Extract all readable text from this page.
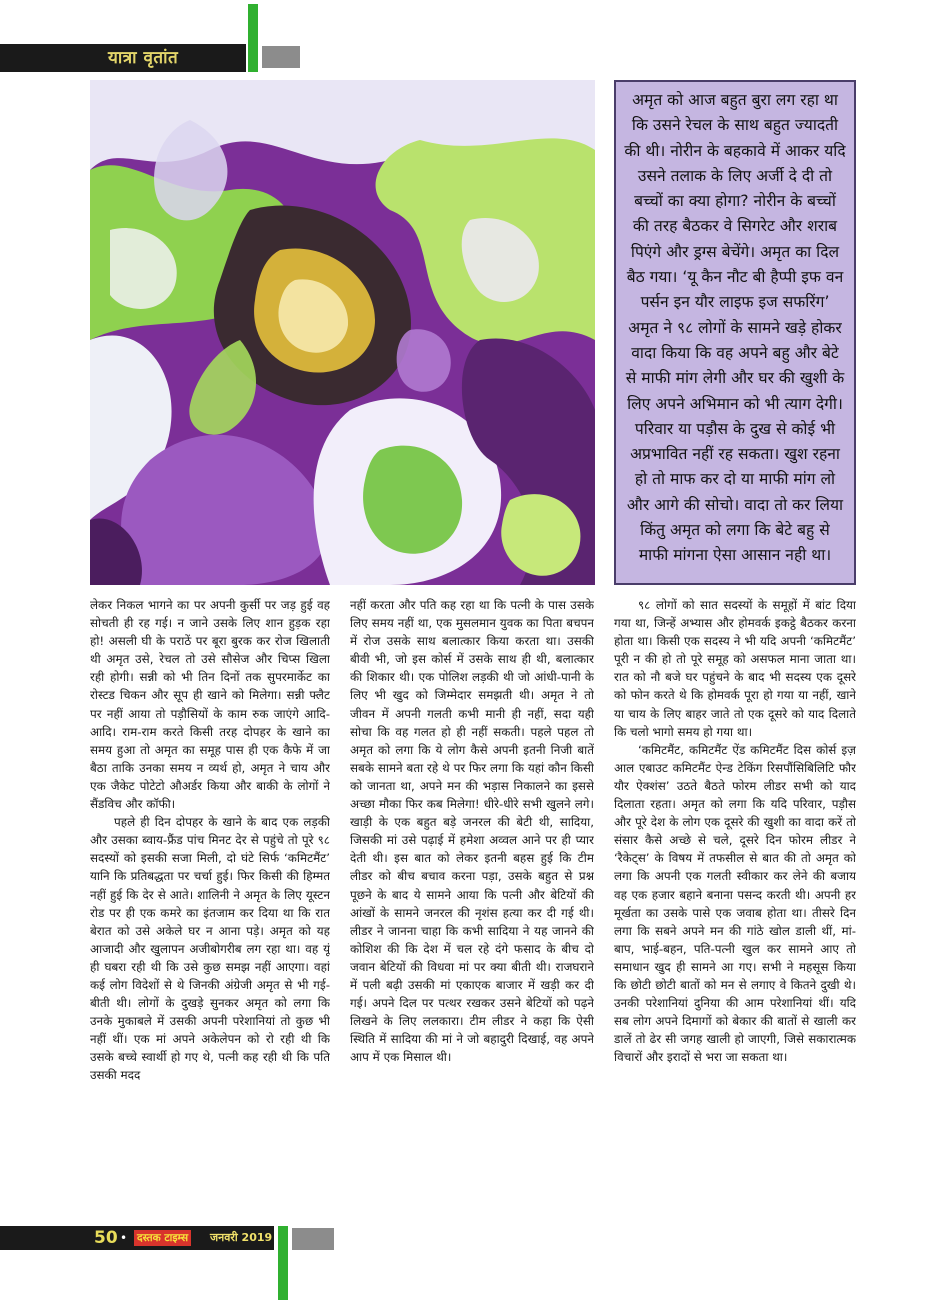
यात्रा वृतांत
अमृत को आज बहुत बुरा लग रहा था कि उसने रेचल के साथ बहुत ज्यादती की थी। नोरीन के बहकावे में आकर यदि उसने तलाक के लिए अर्जी दे दी तो बच्चों का क्या होगा? नोरीन के बच्चों की तरह बैठकर वे सिगरेट और शराब पिएंगे और ड्रग्स बेचेंगे। अमृत का दिल बैठ गया। ‘यू कैन नौट बी हैप्पी इफ वन पर्सन इन यौर लाइफ इज सफरिंग’ अमृत ने ९८ लोगों के सामने खड़े होकर वादा किया कि वह अपने बहु और बेटे से माफी मांग लेगी और घर की खुशी के लिए अपने अभिमान को भी त्याग देगी। परिवार या पड़ौस के दुख से कोई भी अप्रभावित नहीं रह सकता। खुश रहना हो तो माफ कर दो या माफी मांग लो और आगे की सोचो। वादा तो कर लिया किंतु अमृत को लगा कि बेटे बहु से माफी मांगना ऐसा आसान नही था।

लेकर निकल भागने का पर अपनी कुर्सी पर जड़ हुई वह सोचती ही रह गई। न जाने उसके लिए शान हुड़क रहा हो! असली घी के पराठें पर बूरा बुरक कर रोज खिलाती थी अमृत उसे, रेचल तो उसे सौसेज और चिप्स खिला रही होगी। सन्नी को भी तिन दिनों तक सुपरमार्केट का रोस्टड चिकन और सूप ही खाने को मिलेगा। सन्नी फ्लैट पर नहीं आया तो पड़ौसियों के काम रुक जाएंगे आदि-आदि। राम-राम करते किसी तरह दोपहर के खाने का समय हुआ तो अमृत का समूह पास ही एक कैफे में जा बैठा ताकि उनका समय न व्यर्थ हो, अमृत ने चाय और एक जैकेट पोटेटो औअर्डर किया और बाकी के लोगों ने सैंडविच और कॉफी।

पहले ही दिन दोपहर के खाने के बाद एक लड़की और उसका ब्वाय-फ्रैंड पांच मिनट देर से पहुंचे तो पूरे ९८ सदस्यों को इसकी सजा मिली, दो घंटे सिर्फ ‘कमिटमैंट’ यानि कि प्रतिबद्धता पर चर्चा हुई। फिर किसी की हिम्मत नहीं हुई कि देर से आते। शालिनी ने अमृत के लिए यूस्टन रोड पर ही एक कमरे का इंतजाम कर दिया था कि रात बेरात को उसे अकेले घर न आना पड़े। अमृत को यह आजादी और खुलापन अजीबोगरीब लग रहा था। वह यूं ही घबरा रही थी कि उसे कुछ समझ नहीं आएगा। वहां कई लोग विदेशों से थे जिनकी अंग्रेजी अमृत से भी गई-बीती थी। लोगों के दुखड़े सुनकर अमृत को लगा कि उनके मुकाबले में उसकी अपनी परेशानियां तो कुछ भी नहीं थीं। एक मां अपने अकेलेपन को रो रही थी कि उसके बच्चे स्वार्थी हो गए थे, पत्नी कह रही थी कि पति उसकी मदद

नहीं करता और पति कह रहा था कि पत्नी के पास उसके लिए समय नहीं था, एक मुसलमान युवक का पिता बचपन में रोज उसके साथ बलात्कार किया करता था। उसकी बीवी भी, जो इस कोर्स में उसके साथ ही थी, बलात्कार की शिकार थी। एक पोलिश लड़की थी जो आंधी-पानी के लिए भी खुद को जिम्मेदार समझती थी। अमृत ने तो जीवन में अपनी गलती कभी मानी ही नहीं, सदा यही सोचा कि वह गलत हो ही नहीं सकती। पहले पहल तो अमृत को लगा कि ये लोग कैसे अपनी इतनी निजी बातें सबके सामने बता रहे थे पर फिर लगा कि यहां कौन किसी को जानता था, अपने मन की भड़ास निकालने का इससे अच्छा मौका फिर कब मिलेगा! धीरे-धीरे सभी खुलने लगे। खाड़ी के एक बहुत बड़े जनरल की बेटी थी, सादिया, जिसकी मां उसे पढ़ाई में हमेशा अव्वल आने पर ही प्यार देती थी। इस बात को लेकर इतनी बहस हुई कि टीम लीडर को बीच बचाव करना पड़ा, उसके बहुत से प्रश्न पूछने के बाद ये सामने आया कि पत्नी और बेटियों की आंखों के सामने जनरल की नृशंस हत्या कर दी गई थी। लीडर ने जानना चाहा कि कभी सादिया ने यह जानने की कोशिश की कि देश में चल रहे दंगे फसाद के बीच दो जवान बेटियों की विधवा मां पर क्या बीती थी। राजघराने में पली बढ़ी उसकी मां एकाएक बाजार में खड़ी कर दी गई। अपने दिल पर पत्थर रखकर उसने बेटियों को पढ़ने लिखने के लिए ललकारा। टीम लीडर ने कहा कि ऐसी स्थिति में सादिया की मां ने जो बहादुरी दिखाई, वह अपने आप में एक मिसाल थी।

९८ लोगों को सात सदस्यों के समूहों में बांट दिया गया था, जिन्हें अभ्यास और होमवर्क इकट्ठे बैठकर करना होता था। किसी एक सदस्य ने भी यदि अपनी ‘कमिटमैंट’ पूरी न की हो तो पूरे समूह को असफल माना जाता था। रात को नौ बजे घर पहुंचने के बाद भी सदस्य एक दूसरे को फोन करते थे कि होमवर्क पूरा हो गया या नहीं, खाने या चाय के लिए बाहर जाते तो एक दूसरे को याद दिलाते कि चलो भागो समय हो गया था।

‘कमिटमैंट, कमिटमैंट ऐंड कमिटमैंट दिस कोर्स इज़ आल एबाउट कमिटमैंट ऐन्ड टेकिंग रिसपौंसिबिलिटि फौर यौर ऐक्शंस’ उठते बैठते फोरम लीडर सभी को याद दिलाता रहता। अमृत को लगा कि यदि परिवार, पड़ौस और पूरे देश के लोग एक दूसरे की खुशी का वादा करें तो संसार कैसे अच्छे से चले, दूसरे दिन फोरम लीडर ने ‘रैकेट्स’ के विषय में तफसील से बात की तो अमृत को लगा कि अपनी एक गलती स्वीकार कर लेने की बजाय वह एक हजार बहाने बनाना पसन्द करती थी। अपनी हर मूर्खता का उसके पासे एक जवाब होता था। तीसरे दिन लगा कि सबने अपने मन की गांठे खोल डाली थीं, मां-बाप, भाई-बहन, पति-पत्नी खुल कर सामने आए तो समाधान खुद ही सामने आ गए। सभी ने महसूस किया कि छोटी छोटी बातों को मन से लगाए वे कितने दुखी थे। उनकी परेशानियां दुनिया की आम परेशानियां थीं। यदि सब लोग अपने दिमागों को बेकार की बातों से खाली कर डालें तो ढेर सी जगह खाली हो जाएगी, जिसे सकारात्मक विचारों और इरादों से भरा जा सकता था।

50 • दस्तक टाइम्स जनवरी 2019
